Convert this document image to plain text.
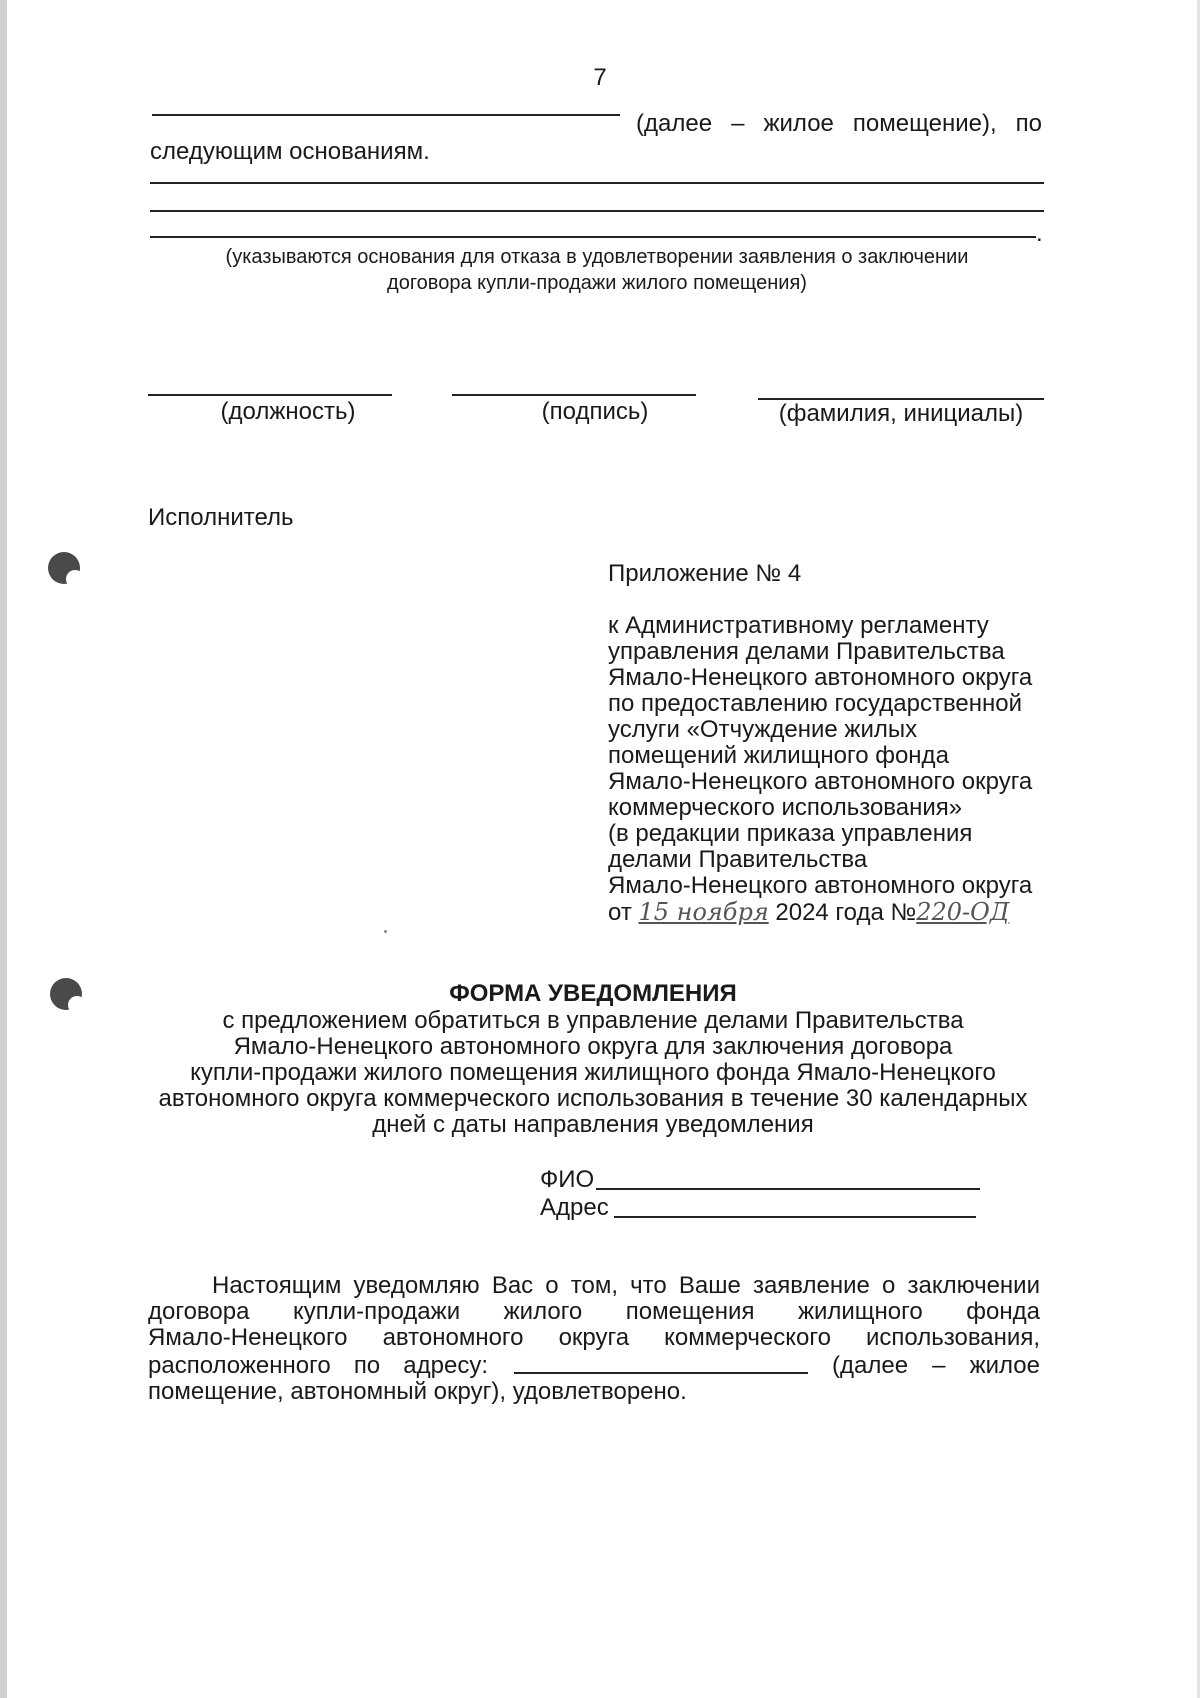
7
(далее  –  жилое  помещение),  по
следующим основаниям.
.
(указываются основания для отказа в удовлетворении заявления о заключении
договора купли-продажи жилого помещения)
(должность)	(подпись)	(фамилия, инициалы)
Исполнитель
Приложение № 4
к Административному регламенту
управления делами Правительства
Ямало-Ненецкого автономного округа
по предоставлению государственной
услуги «Отчуждение жилых
помещений жилищного фонда
Ямало-Ненецкого автономного округа
коммерческого использования»
(в редакции приказа управления
делами Правительства
Ямало-Ненецкого автономного округа
от 15 ноября 2024 года №220-ОД
ФОРМА УВЕДОМЛЕНИЯ
с предложением обратиться в управление делами Правительства
Ямало-Ненецкого автономного округа для заключения договора
купли-продажи жилого помещения жилищного фонда Ямало-Ненецкого
автономного округа коммерческого использования в течение 30 календарных
дней с даты направления уведомления
ФИО
Адрес
Настоящим уведомляю Вас о том, что Ваше заявление о заключении
договора купли-продажи жилого помещения жилищного фонда
Ямало-Ненецкого автономного округа коммерческого использования,
расположенного по адресу:	(далее – жилое
помещение, автономный округ), удовлетворено.
